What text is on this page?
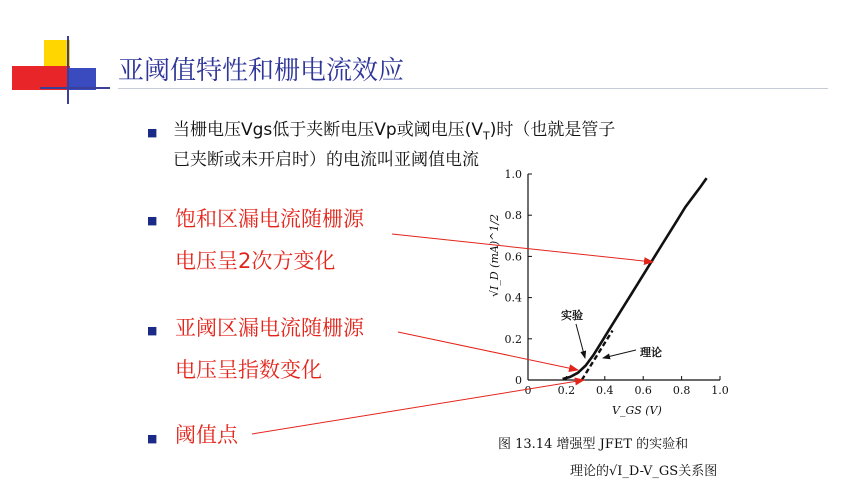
亚阈值特性和栅电流效应
■ 当栅电压Vgs低于夹断电压Vp或阈电压$(V_T)$时（也就是管子
已夹断或未开启时）的电流叫亚阈值电流
■ 饱和区漏电流随栅源
电压呈2次方变化
■ 亚阈区漏电流随栅源
电压呈指数变化
■ 阈值点
0
0
0.2
0.2
0.4
0.4
0.6
0.6
0.8
0.8
1.0
1.0
V_GS (V)
√I_D (mA)^1/2
实验
理论
图 13.14 增强型 JFET 的实验和
理论的√I_D-V_GS关系图
